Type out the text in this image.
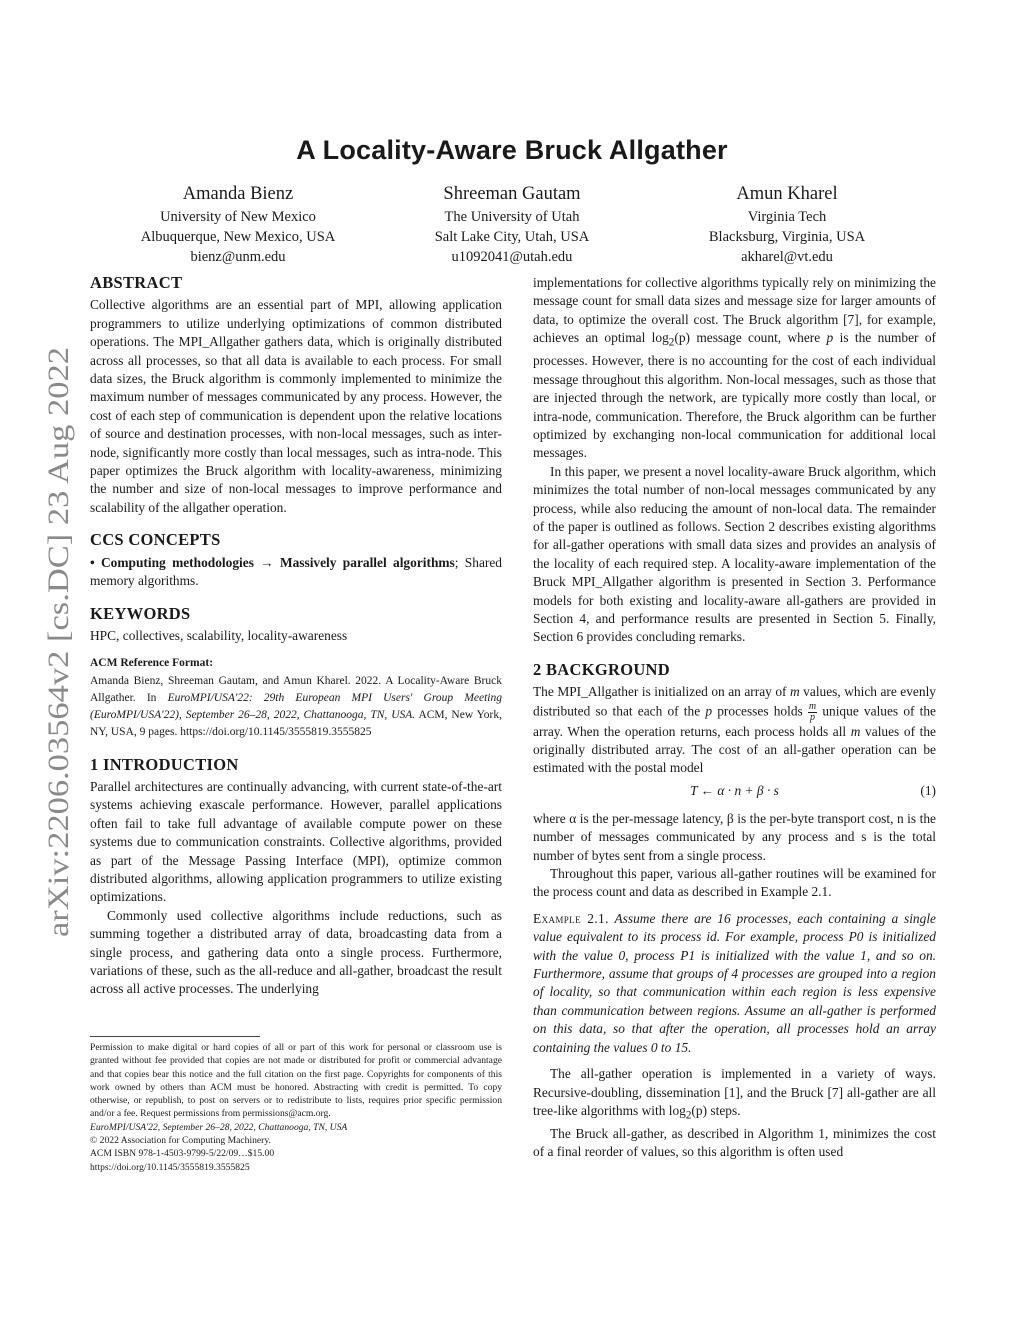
arXiv:2206.03564v2 [cs.DC] 23 Aug 2022
A Locality-Aware Bruck Allgather
Amanda Bienz
University of New Mexico
Albuquerque, New Mexico, USA
bienz@unm.edu
Shreeman Gautam
The University of Utah
Salt Lake City, Utah, USA
u1092041@utah.edu
Amun Kharel
Virginia Tech
Blacksburg, Virginia, USA
akharel@vt.edu
ABSTRACT

Collective algorithms are an essential part of MPI, allowing application programmers to utilize underlying optimizations of common distributed operations. The MPI_Allgather gathers data, which is originally distributed across all processes, so that all data is available to each process. For small data sizes, the Bruck algorithm is commonly implemented to minimize the maximum number of messages communicated by any process. However, the cost of each step of communication is dependent upon the relative locations of source and destination processes, with non-local messages, such as inter-node, significantly more costly than local messages, such as intra-node. This paper optimizes the Bruck algorithm with locality-awareness, minimizing the number and size of non-local messages to improve performance and scalability of the allgather operation.

CCS CONCEPTS

• Computing methodologies → Massively parallel algorithms; Shared memory algorithms.

KEYWORDS

HPC, collectives, scalability, locality-awareness

ACM Reference Format:

Amanda Bienz, Shreeman Gautam, and Amun Kharel. 2022. A Locality-Aware Bruck Allgather. In EuroMPI/USA'22: 29th European MPI Users' Group Meeting (EuroMPI/USA'22), September 26–28, 2022, Chattanooga, TN, USA. ACM, New York, NY, USA, 9 pages. https://doi.org/10.1145/3555819.3555825

1 INTRODUCTION

Parallel architectures are continually advancing, with current state-of-the-art systems achieving exascale performance. However, parallel applications often fail to take full advantage of available compute power on these systems due to communication constraints. Collective algorithms, provided as part of the Message Passing Interface (MPI), optimize common distributed algorithms, allowing application programmers to utilize existing optimizations.

Commonly used collective algorithms include reductions, such as summing together a distributed array of data, broadcasting data from a single process, and gathering data onto a single process. Furthermore, variations of these, such as the all-reduce and all-gather, broadcast the result across all active processes. The underlying

Permission to make digital or hard copies of all or part of this work for personal or classroom use is granted without fee provided that copies are not made or distributed for profit or commercial advantage and that copies bear this notice and the full citation on the first page. Copyrights for components of this work owned by others than ACM must be honored. Abstracting with credit is permitted. To copy otherwise, or republish, to post on servers or to redistribute to lists, requires prior specific permission and/or a fee. Request permissions from permissions@acm.org.

EuroMPI/USA'22, September 26–28, 2022, Chattanooga, TN, USA

© 2022 Association for Computing Machinery.

ACM ISBN 978-1-4503-9799-5/22/09…$15.00

https://doi.org/10.1145/3555819.3555825

implementations for collective algorithms typically rely on minimizing the message count for small data sizes and message size for larger amounts of data, to optimize the overall cost. The Bruck algorithm [7], for example, achieves an optimal $\log_2(p)$ message count, where p is the number of processes. However, there is no accounting for the cost of each individual message throughout this algorithm. Non-local messages, such as those that are injected through the network, are typically more costly than local, or intra-node, communication. Therefore, the Bruck algorithm can be further optimized by exchanging non-local communication for additional local messages.

In this paper, we present a novel locality-aware Bruck algorithm, which minimizes the total number of non-local messages communicated by any process, while also reducing the amount of non-local data. The remainder of the paper is outlined as follows. Section 2 describes existing algorithms for all-gather operations with small data sizes and provides an analysis of the locality of each required step. A locality-aware implementation of the Bruck MPI_Allgather algorithm is presented in Section 3. Performance models for both existing and locality-aware all-gathers are provided in Section 4, and performance results are presented in Section 5. Finally, Section 6 provides concluding remarks.

2 BACKGROUND

The MPI_Allgather is initialized on an array of m values, which are evenly distributed so that each of the p processes holds $\frac{m}{p}$ unique values of the array. When the operation returns, each process holds all m values of the originally distributed array. The cost of an all-gather operation can be estimated with the postal model

T ← α · n + β · s	(1)

where α is the per-message latency, β is the per-byte transport cost, n is the number of messages communicated by any process and s is the total number of bytes sent from a single process.

Throughout this paper, various all-gather routines will be examined for the process count and data as described in Example 2.1.

Example 2.1. Assume there are 16 processes, each containing a single value equivalent to its process id. For example, process P0 is initialized with the value 0, process P1 is initialized with the value 1, and so on. Furthermore, assume that groups of 4 processes are grouped into a region of locality, so that communication within each region is less expensive than communication between regions. Assume an all-gather is performed on this data, so that after the operation, all processes hold an array containing the values 0 to 15.

The all-gather operation is implemented in a variety of ways. Recursive-doubling, dissemination [1], and the Bruck [7] all-gather are all tree-like algorithms with $\log_2(p)$ steps.

The Bruck all-gather, as described in Algorithm 1, minimizes the cost of a final reorder of values, so this algorithm is often used
